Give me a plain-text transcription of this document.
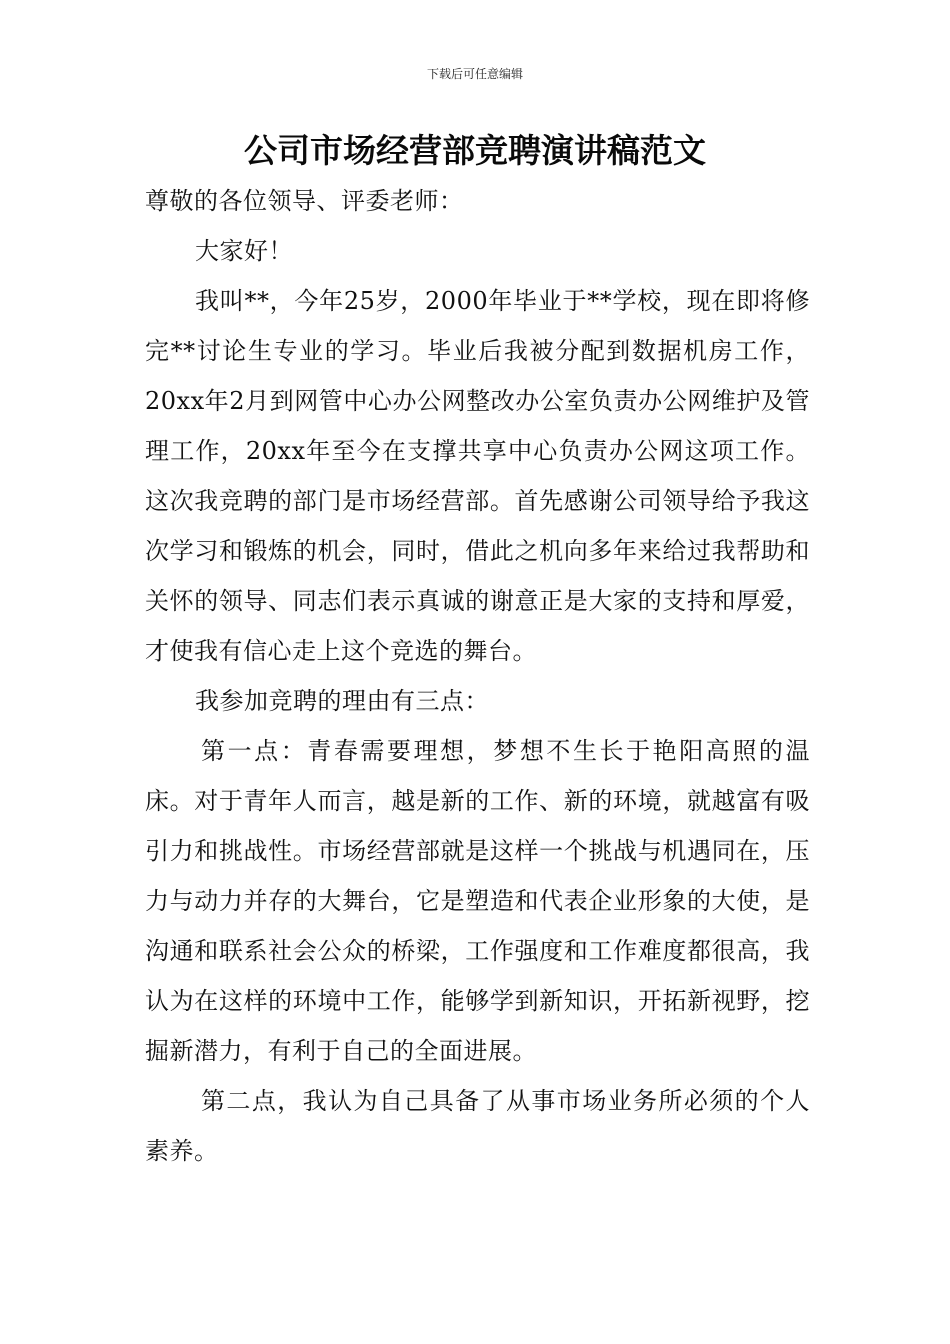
下载后可任意编辑
公司市场经营部竞聘演讲稿范文

尊敬的各位领导、评委老师：

大家好！

我叫**，今年25岁，2000年毕业于**学校，现在即将修完**讨论生专业的学习。毕业后我被分配到数据机房工作，20xx年2月到网管中心办公网整改办公室负责办公网维护及管理工作，20xx年至今在支撑共享中心负责办公网这项工作。这次我竞聘的部门是市场经营部。首先感谢公司领导给予我这次学习和锻炼的机会，同时，借此之机向多年来给过我帮助和关怀的领导、同志们表示真诚的谢意正是大家的支持和厚爱，才使我有信心走上这个竞选的舞台。

我参加竞聘的理由有三点：

第一点：青春需要理想，梦想不生长于艳阳高照的温床。对于青年人而言，越是新的工作、新的环境，就越富有吸引力和挑战性。市场经营部就是这样一个挑战与机遇同在，压力与动力并存的大舞台，它是塑造和代表企业形象的大使，是沟通和联系社会公众的桥梁，工作强度和工作难度都很高，我认为在这样的环境中工作，能够学到新知识，开拓新视野，挖掘新潜力，有利于自己的全面进展。

第二点，我认为自己具备了从事市场业务所必须的个人素养。
